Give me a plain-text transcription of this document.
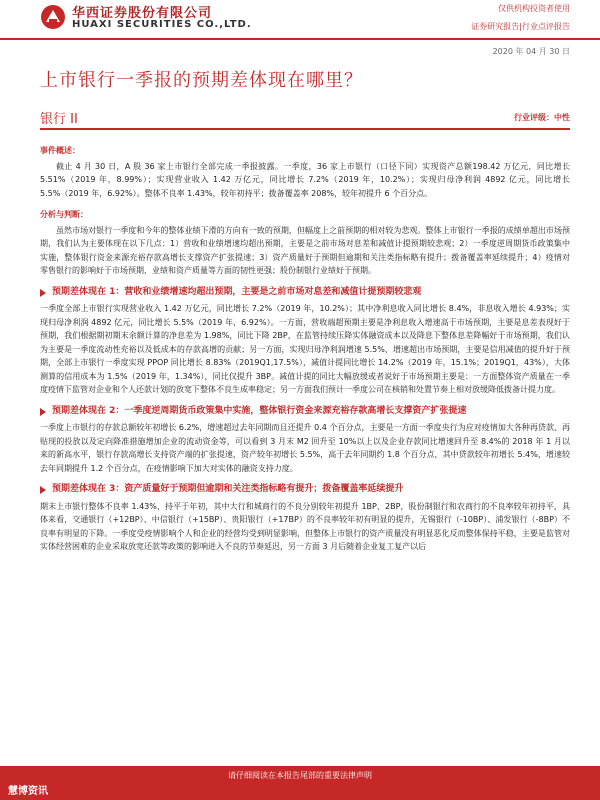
华西证券股份有限公司
HUAXI SECURITIES CO.,LTD.
仅供机构投资者使用
证券研究报告|行业点评报告
2020 年 04 月 30 日
上市银行一季报的预期差体现在哪里？
银行 II	行业评级：中性
事件概述：

截止 4 月 30 日，A 股 36 家上市银行全部完成一季报披露。一季度，36 家上市银行（口径下同）实现资产总额198.42 万亿元，同比增长 5.51%（2019 年，8.99%）；实现营业收入 1.42 万亿元，同比增长 7.2%（2019 年，10.2%）；实现归母净利润 4892 亿元，同比增长 5.5%（2019 年，6.92%）。整体不良率 1.43%，较年初持平；拨备覆盖率 208%，较年初提升 6 个百分点。

分析与判断：

虽然市场对银行一季度和今年的整体业绩下滑的方向有一致的预期，但幅度上之前预期的相对较为悲观。整体上市银行一季报的成绩单超出市场预期，我们认为主要体现在以下几点：1）营收和业绩增速均超出预期，主要是之前市场对息差和减值计提预期较悲观；2）一季度逆周期货币政策集中实施，整体银行资金来源充裕存款高增长支撑资产扩张提速；3）资产质量好于预期但逾期和关注类指标略有提升；拨备覆盖率延续提升；4）疫情对零售银行的影响好于市场预期，业绩和资产质量等方面的韧性更强；股份制银行业绩好于预期。

预期差体现在 1：营收和业绩增速均超出预期，主要是之前市场对息差和减值计提预期较悲观

一季度全部上市银行实现营业收入 1.42 万亿元，同比增长 7.2%（2019 年，10.2%）；其中净利息收入同比增长 8.4%，非息收入增长 4.93%；实现归母净利润 4892 亿元，同比增长 5.5%（2019 年，6.92%）。一方面，营收端超预期主要是净利息收入增速高于市场预期，主要是息差表现好于预期，我们根据期初期末余额计算的净息差为 1.98%，同比下降 2BP，在监管持续压降实体融资成本以及降息下整体息差降幅好于市场预期，我们认为主要是一季度流动性充裕以及低成本的存款高增的贡献；另一方面，实现归母净利润增速 5.5%，增速超出市场预期，主要是信用减值的提升好于预期，全部上市银行一季度实现 PPOP 同比增长 8.83%（2019Q1,17.5%），减值计提同比增长 14.2%（2019 年，15.1%；2019Q1，43%），大体测算的信用成本为 1.5%（2019 年，1.34%），同比仅提升 3BP。减值计提的同比大幅放缓或者说好于市场预期主要是：一方面整体资产质量在一季度疫情下监管对企业和个人还款计划的放宽下整体不良生成率稳定；另一方面我们预计一季度公司在核销和处置节奏上相对放缓降低拨备计提力度。

预期差体现在 2：一季度逆周期货币政策集中实施，整体银行资金来源充裕存款高增长支撑资产扩张提速

一季度上市银行的存款总额较年初增长 6.2%，增速超过去年同期而且还提升 0.4 个百分点，主要是一方面一季度央行为应对疫情加大各种再贷款、再贴现的投放以及定向降准措施增加企业的流动资金等，可以看到 3 月末 M2 回升至 10%以上以及企业存款同比增速回升至 8.4%的 2018 年 1 月以来的新高水平，银行存款高增长支持资产端的扩张提速，资产较年初增长 5.5%，高于去年同期约 1.8 个百分点，其中贷款较年初增长 5.4%，增速较去年同期提升 1.2 个百分点，在疫情影响下加大对实体的融资支持力度。

预期差体现在 3：资产质量好于预期但逾期和关注类指标略有提升；拨备覆盖率延续提升

期末上市银行整体不良率 1.43%，持平于年初，其中大行和城商行的不良分别较年初提升 1BP、2BP，股份制银行和农商行的不良率较年初持平，具体来看，交通银行（+12BP）、中信银行（+15BP）、贵阳银行（+17BP）的不良率较年初有明显的提升，无锡银行（-10BP）、浦发银行（-8BP）不良率有明显的下降。一季度受疫情影响个人和企业的经营均受到明显影响，但整体上市银行的资产质量没有明显恶化反而整体保持平稳，主要是监管对实体经营困难的企业采取放宽还款等政策的影响进入不良的节奏延迟，另一方面 3 月后随着企业复工复产以后

慧博资讯
请仔细阅读在本报告尾部的重要法律声明
